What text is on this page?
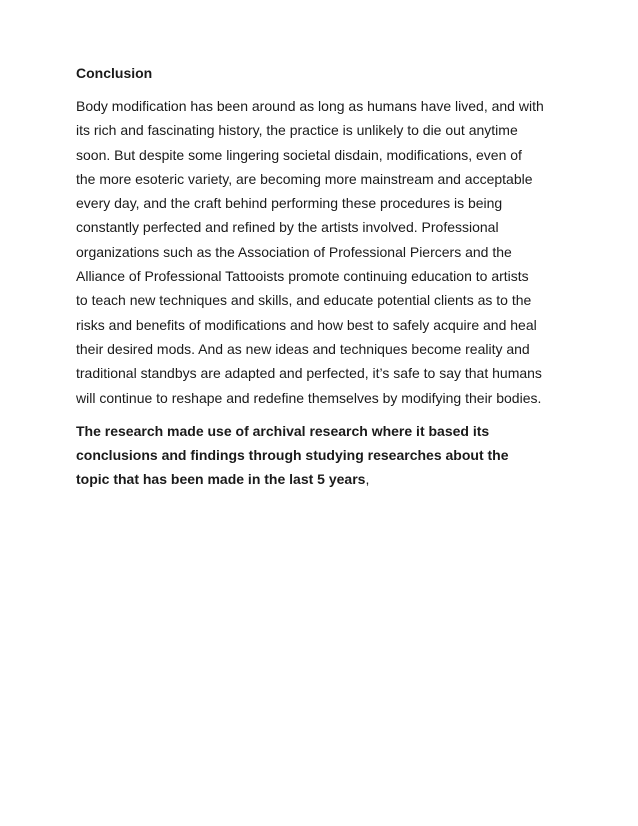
Conclusion
Body modification has been around as long as humans have lived, and with
its rich and fascinating history, the practice is unlikely to die out anytime
soon. But despite some lingering societal disdain, modifications, even of
the more esoteric variety, are becoming more mainstream and acceptable
every day, and the craft behind performing these procedures is being
constantly perfected and refined by the artists involved. Professional
organizations such as the Association of Professional Piercers and the
Alliance of Professional Tattooists promote continuing education to artists
to teach new techniques and skills, and educate potential clients as to the
risks and benefits of modifications and how best to safely acquire and heal
their desired mods. And as new ideas and techniques become reality and
traditional standbys are adapted and perfected, it’s safe to say that humans
will continue to reshape and redefine themselves by modifying their bodies.
The research made use of archival research where it based its
conclusions and findings through studying researches about the
topic that has been made in the last 5 years,
